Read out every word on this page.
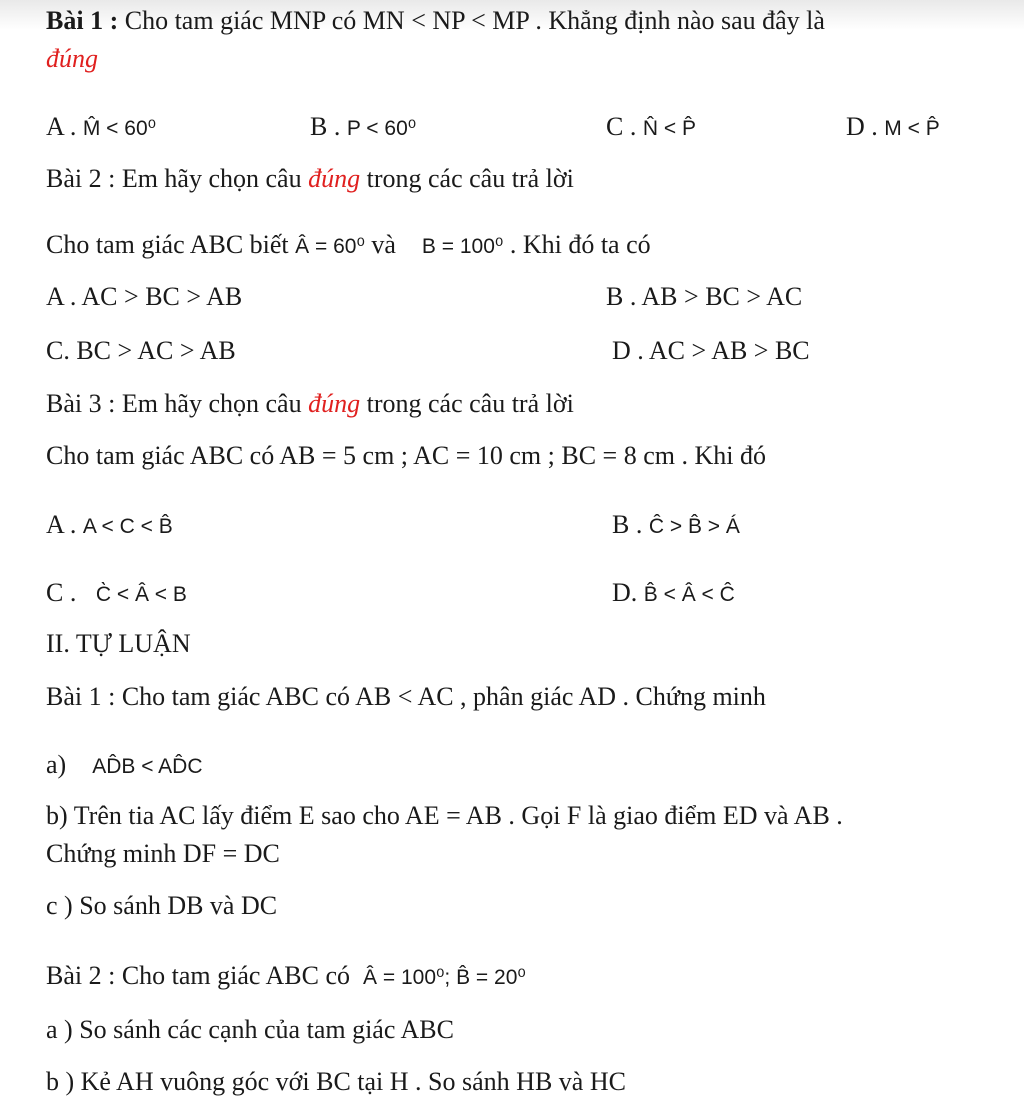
Bài 1 : Cho tam giác MNP có MN < NP < MP . Khẳng định nào sau đây là
đúng
A . M̂ < 60⁰	B . P < 60⁰	C . N̂ < P̂	D . M < P̂
Bài 2 : Em hãy chọn câu đúng trong các câu trả lời
Cho tam giác ABC biết Â = 60⁰ và B = 100⁰ . Khi đó ta có
A . AC > BC > AB	B . AB > BC > AC
C. BC > AC > AB	D . AC > AB > BC
Bài 3 : Em hãy chọn câu đúng trong các câu trả lời
Cho tam giác ABC có AB = 5 cm ; AC = 10 cm ; BC = 8 cm . Khi đó
A . A < C < B̂	B . Ĉ > B̂ > Á
C . C̀ < Â < B	D. B̂ < Â < Ĉ
II. TỰ LUẬN
Bài 1 : Cho tam giác ABC có AB < AC , phân giác AD . Chứng minh
a) AD̂B < AD̂C
b) Trên tia AC lấy điểm E sao cho AE = AB . Gọi F là giao điểm ED và AB .
Chứng minh DF = DC
c ) So sánh DB và DC
Bài 2 : Cho tam giác ABC có Â = 100⁰; B̂ = 20⁰
a ) So sánh các cạnh của tam giác ABC
b ) Kẻ AH vuông góc với BC tại H . So sánh HB và HC
